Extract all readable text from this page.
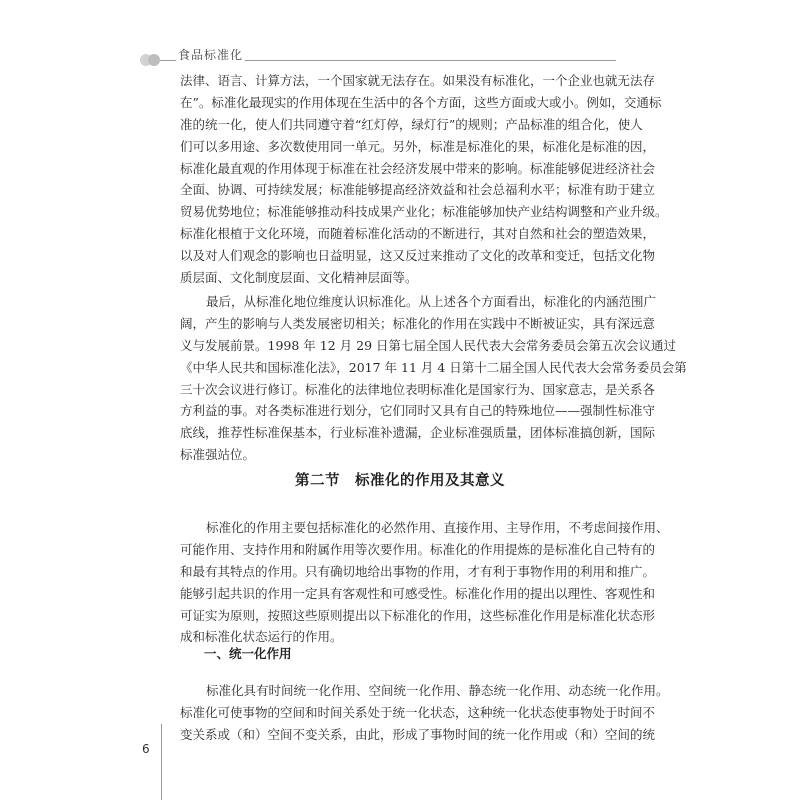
食品标准化
法律、语言、计算方法，一个国家就无法存在。如果没有标准化，一个企业也就无法存
在”。标准化最现实的作用体现在生活中的各个方面，这些方面或大或小。例如，交通标
准的统一化，使人们共同遵守着“红灯停，绿灯行”的规则；产品标准的组合化，使人
们可以多用途、多次数使用同一单元。另外，标准是标准化的果，标准化是标准的因，
标准化最直观的作用体现于标准在社会经济发展中带来的影响。标准能够促进经济社会
全面、协调、可持续发展；标准能够提高经济效益和社会总福利水平；标准有助于建立
贸易优势地位；标准能够推动科技成果产业化；标准能够加快产业结构调整和产业升级。
标准化根植于文化环境，而随着标准化活动的不断进行，其对自然和社会的塑造效果，
以及对人们观念的影响也日益明显，这又反过来推动了文化的改革和变迁，包括文化物
质层面、文化制度层面、文化精神层面等。
最后，从标准化地位维度认识标准化。从上述各个方面看出，标准化的内涵范围广
阔，产生的影响与人类发展密切相关；标准化的作用在实践中不断被证实，具有深远意
义与发展前景。1998 年 12 月 29 日第七届全国人民代表大会常务委员会第五次会议通过
《中华人民共和国标准化法》，2017 年 11 月 4 日第十二届全国人民代表大会常务委员会第
三十次会议进行修订。标准化的法律地位表明标准化是国家行为、国家意志，是关系各
方利益的事。对各类标准进行划分，它们同时又具有自己的特殊地位——强制性标准守
底线，推荐性标准保基本，行业标准补遗漏，企业标准强质量，团体标准搞创新，国际
标准强站位。
第二节　标准化的作用及其意义
标准化的作用主要包括标准化的必然作用、直接作用、主导作用，不考虑间接作用、
可能作用、支持作用和附属作用等次要作用。标准化的作用提炼的是标准化自己特有的
和最有其特点的作用。只有确切地给出事物的作用，才有利于事物作用的利用和推广。
能够引起共识的作用一定具有客观性和可感受性。标准化作用的提出以理性、客观性和
可证实为原则，按照这些原则提出以下标准化的作用，这些标准化作用是标准化状态形
成和标准化状态运行的作用。
一、统一化作用
标准化具有时间统一化作用、空间统一化作用、静态统一化作用、动态统一化作用。
标准化可使事物的空间和时间关系处于统一化状态，这种统一化状态使事物处于时间不
变关系或（和）空间不变关系，由此，形成了事物时间的统一化作用或（和）空间的统
6
